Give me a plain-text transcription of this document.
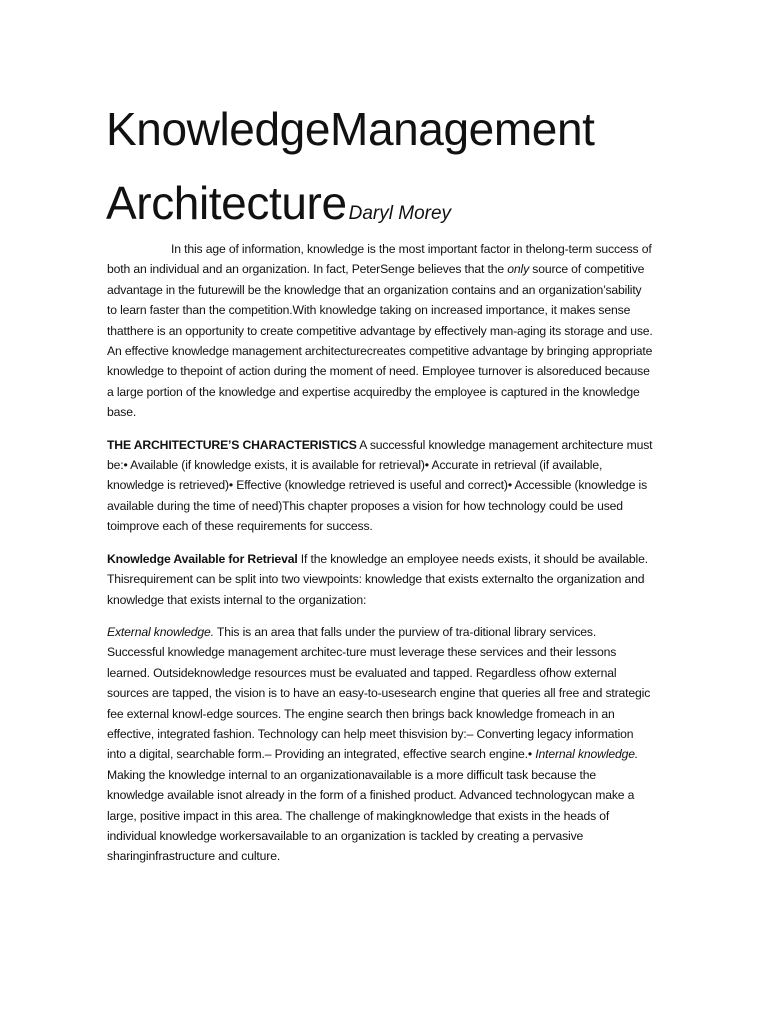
KnowledgeManagement
Architecture Daryl Morey

In this age of information, knowledge is the most important factor in thelong-term success of both an individual and an organization. In fact, PeterSenge believes that the only source of competitive advantage in the futurewill be the knowledge that an organization contains and an organization’sability to learn faster than the competition.With knowledge taking on increased importance, it makes sense thatthere is an opportunity to create competitive advantage by effectively man-aging its storage and use. An effective knowledge management architecturecreates competitive advantage by bringing appropriate knowledge to thepoint of action during the moment of need. Employee turnover is alsoreduced because a large portion of the knowledge and expertise acquiredby the employee is captured in the knowledge base.

THE ARCHITECTURE’S CHARACTERISTICS A successful knowledge management architecture must be:• Available (if knowledge exists, it is available for retrieval)• Accurate in retrieval (if available, knowledge is retrieved)• Effective (knowledge retrieved is useful and correct)• Accessible (knowledge is available during the time of need)This chapter proposes a vision for how technology could be used toimprove each of these requirements for success.

Knowledge Available for Retrieval If the knowledge an employee needs exists, it should be available. Thisrequirement can be split into two viewpoints: knowledge that exists externalto the organization and knowledge that exists internal to the organization:

External knowledge. This is an area that falls under the purview of tra-ditional library services. Successful knowledge management architec-ture must leverage these services and their lessons learned. Outsideknowledge resources must be evaluated and tapped. Regardless ofhow external sources are tapped, the vision is to have an easy-to-usesearch engine that queries all free and strategic fee external knowl-edge sources. The engine search then brings back knowledge fromeach in an effective, integrated fashion. Technology can help meet thisvision by:– Converting legacy information into a digital, searchable form.– Providing an integrated, effective search engine.• Internal knowledge. Making the knowledge internal to an organizationavailable is a more difficult task because the knowledge available isnot already in the form of a finished product. Advanced technologycan make a large, positive impact in this area. The challenge of makingknowledge that exists in the heads of individual knowledge workersavailable to an organization is tackled by creating a pervasive sharinginfrastructure and culture.
